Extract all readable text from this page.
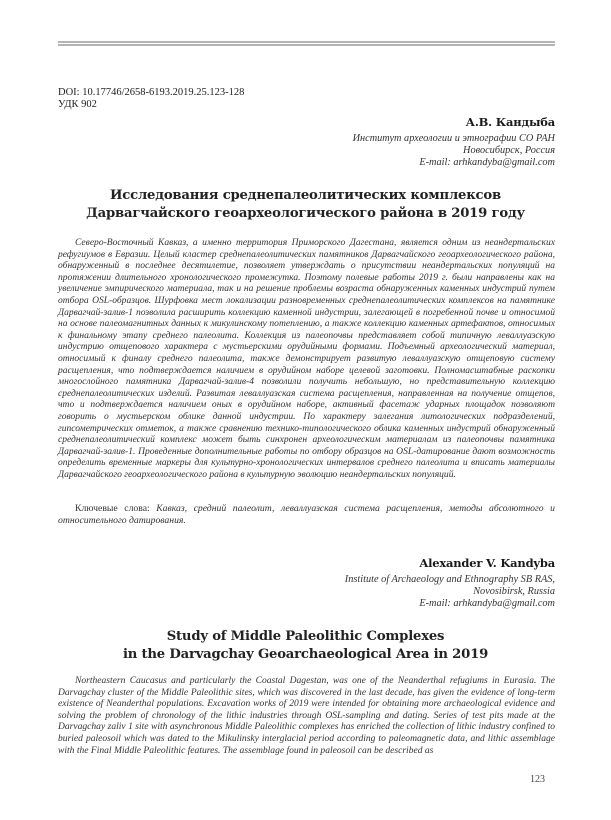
DOI: 10.17746/2658-6193.2019.25.123-128
УДК 902
А.В. Кандыба
Институт археологии и этнографии СО РАН
Новосибирск, Россия
E-mail: arhkandyba@gmail.com
Исследования среднепалеолитических комплексов
Дарвагчайского геоархеологического района в 2019 году

Северо-Восточный Кавказ, а именно территория Приморского Дагестана, является одним из неандертальских рефугиумов в Евразии. Целый кластер среднепалеолитических памятников Дарвагчайского геоархеологического района, обнаруженный в последнее десятилетие, позволяет утверждать о присутствии неандертальских популяций на протяжении длительного хронологического промежутка. Поэтому полевые работы 2019 г. были направлены как на увеличение эмпирического материала, так и на решение проблемы возраста обнаруженных каменных индустрий путем отбора OSL-образцов. Шурфовка мест локализации разновременных среднепалеолитических комплексов на памятнике Дарвагчай-залив-1 позволила расширить коллекцию каменной индустрии, залегающей в погребенной почве и относимой на основе палеомагнитных данных к микулинскому потеплению, а также коллекцию каменных артефактов, относимых к финальному этапу среднего палеолита. Коллекция из палеопочвы представляет собой типичную леваллуазскую индустрию отщепового характера с мустьерскими орудийными формами. Подъемный археологический материал, относимый к финалу среднего палеолита, также демонстрирует развитую леваллуазскую отщеповую систему расщепления, что подтверждается наличием в орудийном наборе целевой заготовки. Полномасштабные раскопки многослойного памятника Дарвагчай-залив-4 позволили получить небольшую, но представительную коллекцию среднепалеолитических изделий. Развитая леваллуазская система расщепления, направленная на получение отщепов, что и подтверждается наличием оных в орудийном наборе, активный фасетаж ударных площадок позволяют говорить о мустьерском облике данной индустрии. По характеру залегания литологических подразделений, гипсометрических отметок, а также сравнению технико-типологического облика каменных индустрий обнаруженный среднепалеолитический комплекс может быть синхронен археологическим материалам из палеопочвы памятника Дарвагчай-залив-1. Проведенные дополнительные работы по отбору образцов на OSL-датирование дают возможность определить временные маркеры для культурно-хронологических интервалов среднего палеолита и вписать материалы Дарвагчайского геоархеологического района в культурную эволюцию неандертальских популяций.

Ключевые слова: Кавказ, средний палеолит, леваллуазская система расщепления, методы абсолютного и относительного датирования.

Alexander V. Kandyba
Institute of Archaeology and Ethnography SB RAS,
Novosibirsk, Russia
E-mail: arhkandyba@gmail.com
Study of Middle Paleolithic Complexes
in the Darvagchay Geoarchaeological Area in 2019

Northeastern Caucasus and particularly the Coastal Dagestan, was one of the Neanderthal refugiums in Eurasia. The Darvagchay cluster of the Middle Paleolithic sites, which was discovered in the last decade, has given the evidence of long-term existence of Neanderthal populations. Excavation works of 2019 were intended for obtaining more archaeological evidence and solving the problem of chronology of the lithic industries through OSL-sampling and dating. Series of test pits made at the Darvagchay zaliv 1 site with asynchronous Middle Paleolithic complexes has enriched the collection of lithic industry confined to buried paleosoil which was dated to the Mikulinsky interglacial period according to paleomagnetic data, and lithic assemblage with the Final Middle Paleolithic features. The assemblage found in paleosoil can be described as

123
